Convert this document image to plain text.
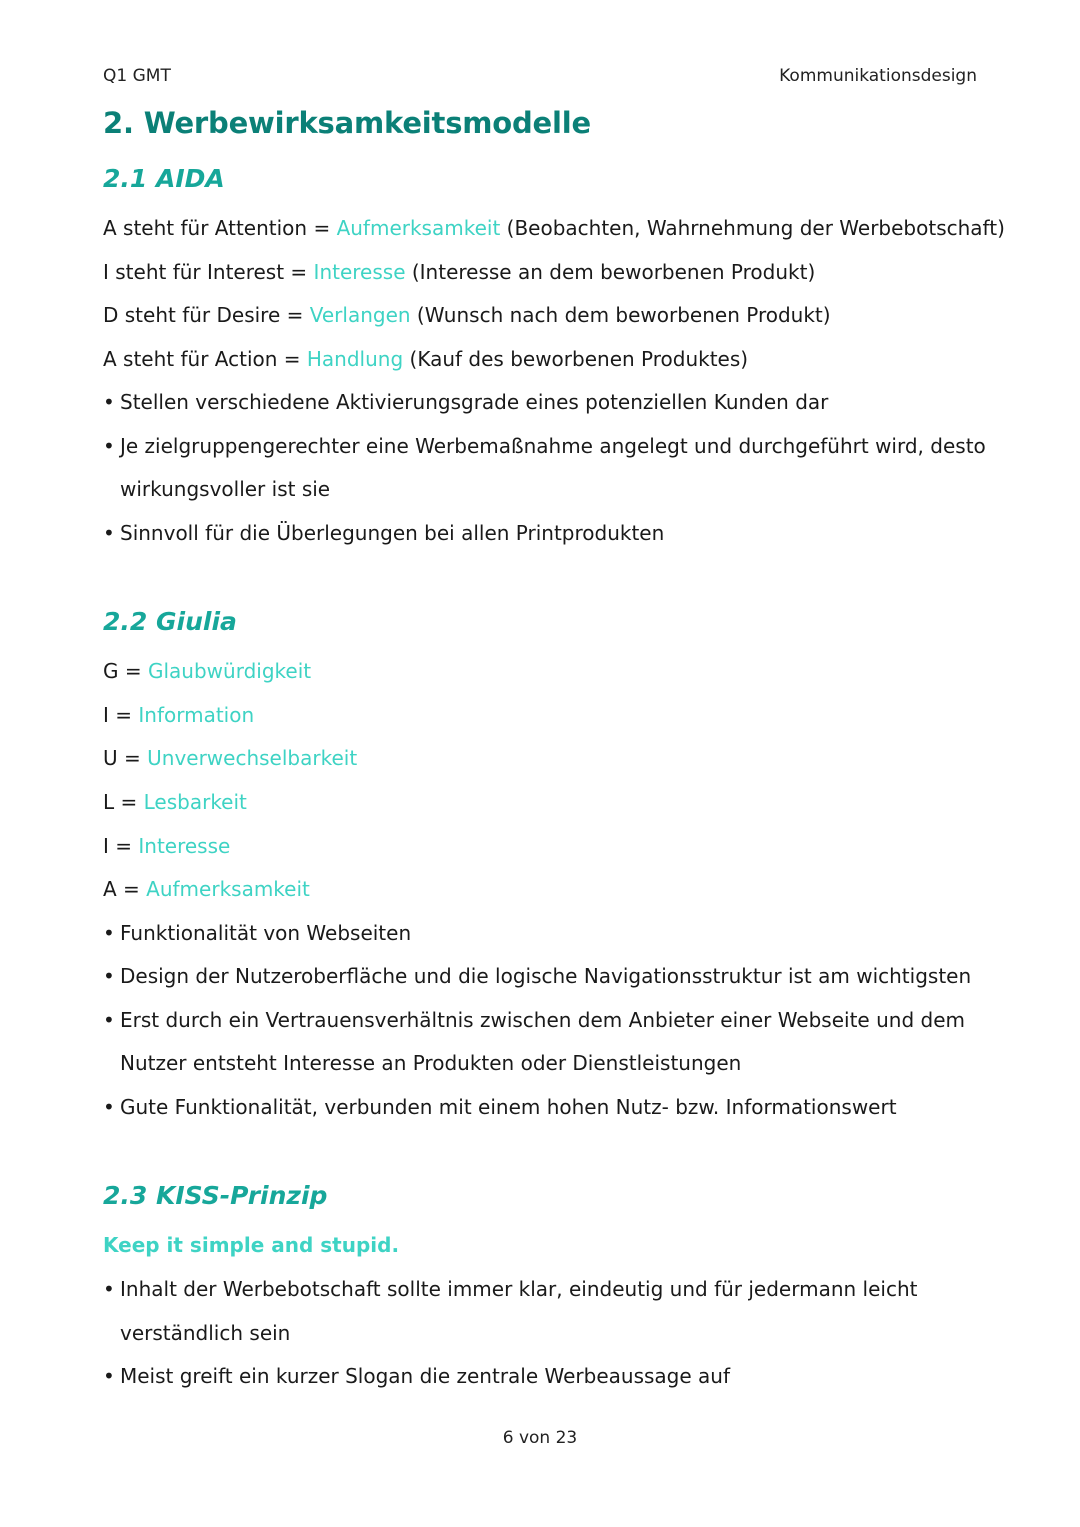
Q1 GMT	Kommunikationsdesign
2. Werbewirksamkeitsmodelle
2.1 AIDA
A steht für Attention = Aufmerksamkeit (Beobachten, Wahrnehmung der Werbebotschaft)
I steht für Interest = Interesse (Interesse an dem beworbenen Produkt)
D steht für Desire = Verlangen (Wunsch nach dem beworbenen Produkt)
A steht für Action = Handlung (Kauf des beworbenen Produktes)
• Stellen verschiedene Aktivierungsgrade eines potenziellen Kunden dar
• Je zielgruppengerechter eine Werbemaßnahme angelegt und durchgeführt wird, desto
wirkungsvoller ist sie
• Sinnvoll für die Überlegungen bei allen Printprodukten
2.2 Giulia
G = Glaubwürdigkeit
I = Information
U = Unverwechselbarkeit
L = Lesbarkeit
I = Interesse
A = Aufmerksamkeit
• Funktionalität von Webseiten
• Design der Nutzeroberfläche und die logische Navigationsstruktur ist am wichtigsten
• Erst durch ein Vertrauensverhältnis zwischen dem Anbieter einer Webseite und dem
Nutzer entsteht Interesse an Produkten oder Dienstleistungen
• Gute Funktionalität, verbunden mit einem hohen Nutz- bzw. Informationswert
2.3 KISS-Prinzip
Keep it simple and stupid.
• Inhalt der Werbebotschaft sollte immer klar, eindeutig und für jedermann leicht
verständlich sein
• Meist greift ein kurzer Slogan die zentrale Werbeaussage auf
6 von 23
